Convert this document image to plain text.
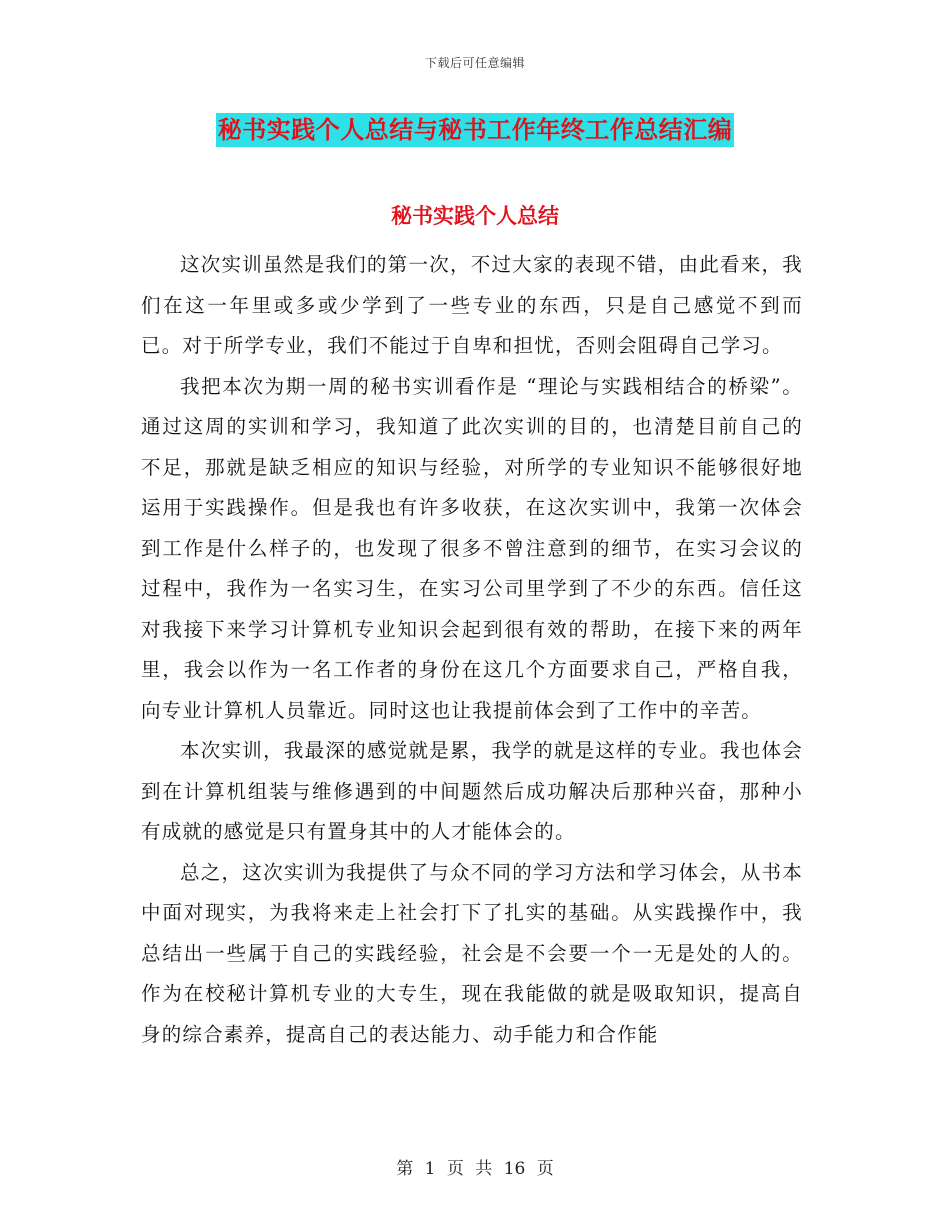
下载后可任意编辑
秘书实践个人总结与秘书工作年终工作总结汇编
秘书实践个人总结

这次实训虽然是我们的第一次，不过大家的表现不错，由此看来，我们在这一年里或多或少学到了一些专业的东西，只是自己感觉不到而已。对于所学专业，我们不能过于自卑和担忧，否则会阻碍自己学习。

我把本次为期一周的秘书实训看作是 “理论与实践相结合的桥梁”。通过这周的实训和学习，我知道了此次实训的目的，也清楚目前自己的不足，那就是缺乏相应的知识与经验，对所学的专业知识不能够很好地运用于实践操作。但是我也有许多收获，在这次实训中，我第一次体会到工作是什么样子的，也发现了很多不曾注意到的细节，在实习会议的过程中，我作为一名实习生，在实习公司里学到了不少的东西。信任这对我接下来学习计算机专业知识会起到很有效的帮助，在接下来的两年里，我会以作为一名工作者的身份在这几个方面要求自己，严格自我，向专业计算机人员靠近。同时这也让我提前体会到了工作中的辛苦。

本次实训，我最深的感觉就是累，我学的就是这样的专业。我也体会到在计算机组装与维修遇到的中间题然后成功解决后那种兴奋，那种小有成就的感觉是只有置身其中的人才能体会的。

总之，这次实训为我提供了与众不同的学习方法和学习体会，从书本中面对现实，为我将来走上社会打下了扎实的基础。从实践操作中，我总结出一些属于自己的实践经验，社会是不会要一个一无是处的人的。作为在校秘计算机专业的大专生，现在我能做的就是吸取知识，提高自身的综合素养，提高自己的表达能力、动手能力和合作能

第 1 页 共 16 页
